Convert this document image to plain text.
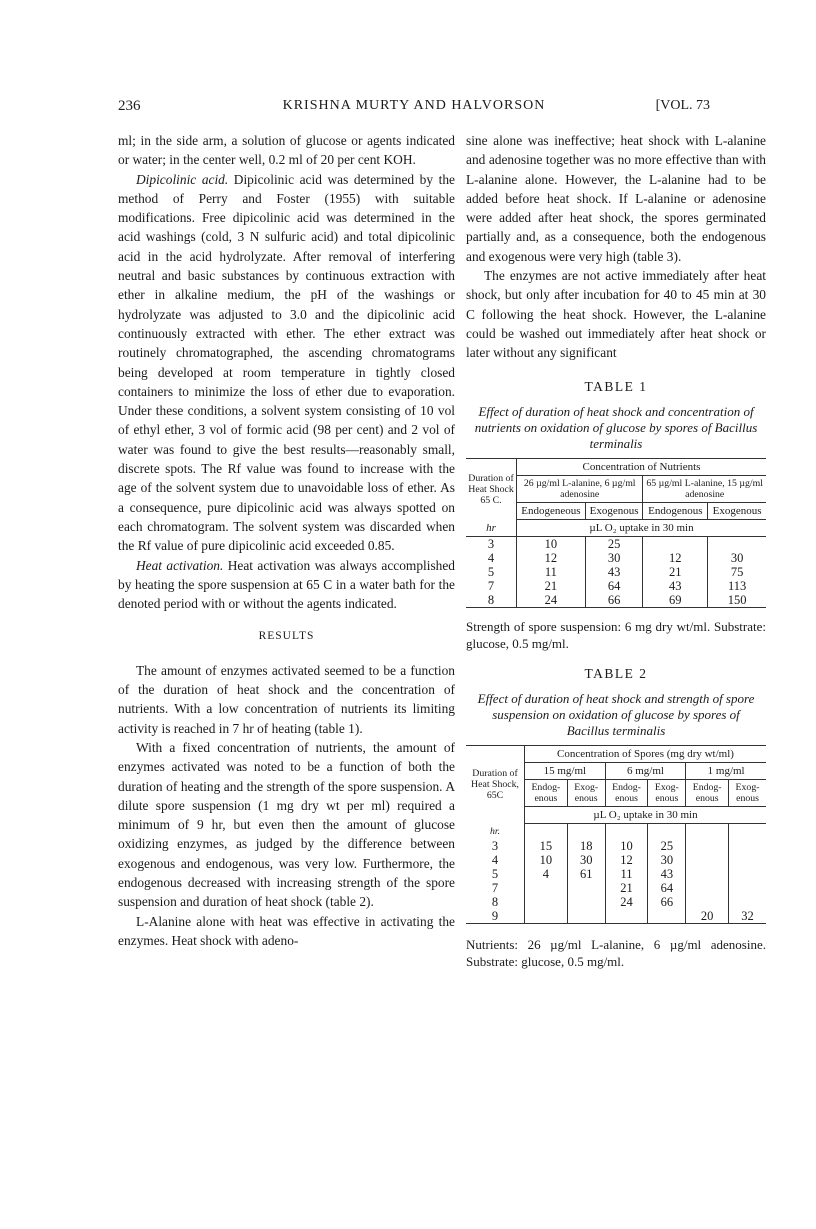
236	KRISHNA MURTY AND HALVORSON	[VOL. 73

ml; in the side arm, a solution of glucose or agents indicated or water; in the center well, 0.2 ml of 20 per cent KOH.

Dipicolinic acid. Dipicolinic acid was determined by the method of Perry and Foster (1955) with suitable modifications. Free dipicolinic acid was determined in the acid washings (cold, 3 N sulfuric acid) and total dipicolinic acid in the acid hydrolyzate. After removal of interfering neutral and basic substances by continuous extraction with ether in alkaline medium, the pH of the washings or hydrolyzate was adjusted to 3.0 and the dipicolinic acid continuously extracted with ether. The ether extract was routinely chromatographed, the ascending chromatograms being developed at room temperature in tightly closed containers to minimize the loss of ether due to evaporation. Under these conditions, a solvent system consisting of 10 vol of ethyl ether, 3 vol of formic acid (98 per cent) and 2 vol of water was found to give the best results—reasonably small, discrete spots. The Rf value was found to increase with the age of the solvent system due to unavoidable loss of ether. As a consequence, pure dipicolinic acid was always spotted on each chromatogram. The solvent system was discarded when the Rf value of pure dipicolinic acid exceeded 0.85.

Heat activation. Heat activation was always accomplished by heating the spore suspension at 65 C in a water bath for the denoted period with or without the agents indicated.

RESULTS

The amount of enzymes activated seemed to be a function of the duration of heat shock and the concentration of nutrients. With a low concentration of nutrients its limiting activity is reached in 7 hr of heating (table 1).

With a fixed concentration of nutrients, the amount of enzymes activated was noted to be a function of both the duration of heating and the strength of the spore suspension. A dilute spore suspension (1 mg dry wt per ml) required a minimum of 9 hr, but even then the amount of glucose oxidizing enzymes, as judged by the difference between exogenous and endogenous, was very low. Furthermore, the endogenous decreased with increasing strength of the spore suspension and duration of heat shock (table 2).

L-Alanine alone with heat was effective in activating the enzymes. Heat shock with adeno-

sine alone was ineffective; heat shock with L-alanine and adenosine together was no more effective than with L-alanine alone. However, the L-alanine had to be added before heat shock. If L-alanine or adenosine were added after heat shock, the spores germinated partially and, as a consequence, both the endogenous and exogenous were very high (table 3).

The enzymes are not active immediately after heat shock, but only after incubation for 40 to 45 min at 30 C following the heat shock. However, the L-alanine could be washed out immediately after heat shock or later without any significant

TABLE 1
Effect of duration of heat shock and concentration of nutrients on oxidation of glucose by spores of Bacillus terminalis
Duration of Heat Shock 65 C.	Concentration of Nutrients			
	26 µg/ml L-alanine, 6 µg/ml adenosine		65 µg/ml L-alanine, 15 µg/ml adenosine	
	Endogeneous	Exogenous	Endogenous	Exogenous
hr	µL O₂ uptake in 30 min			
3	10	25		
4	12	30	12	30
5	11	43	21	75
7	21	64	43	113
8	24	66	69	150
Strength of spore suspension: 6 mg dry wt/ml. Substrate: glucose, 0.5 mg/ml.
TABLE 2
Effect of duration of heat shock and strength of spore suspension on oxidation of glucose by spores of Bacillus terminalis
Duration of Heat Shock, 65C	Concentration of Spores (mg dry wt/ml)					
	15 mg/ml		6 mg/ml		1 mg/ml	
	Endog-enous	Exog-enous	Endog-enous	Exog-enous	Endog-enous	Exog-enous
	µL O₂ uptake in 30 min					
hr.						
3	15	18	10	25		
4	10	30	12	30		
5	4	61	11	43		
7			21	64		
8			24	66		
9					20	32
Nutrients: 26 µg/ml L-alanine, 6 µg/ml adenosine. Substrate: glucose, 0.5 mg/ml.
